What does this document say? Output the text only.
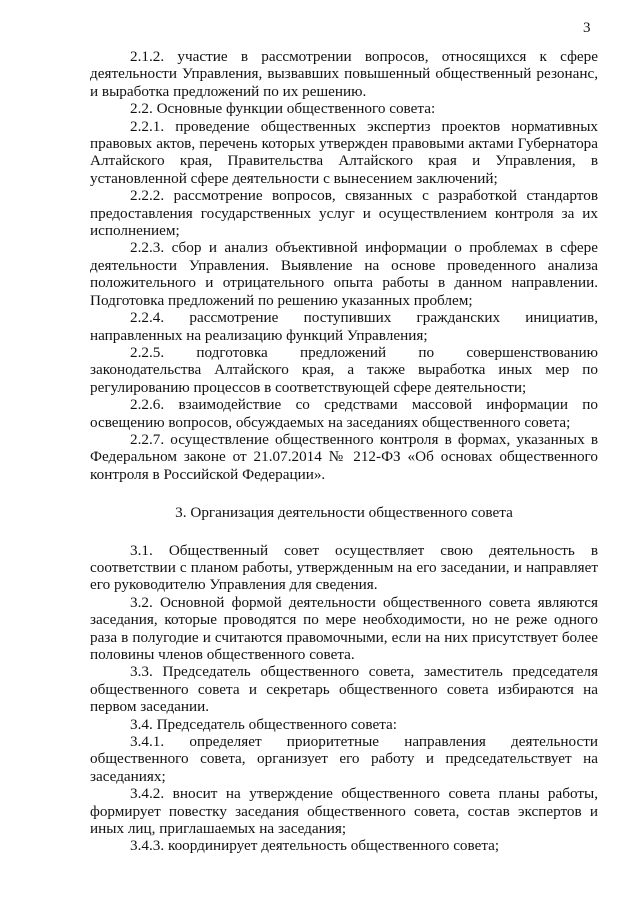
3

2.1.2. участие в рассмотрении вопросов, относящихся к сфере деятельности Управления, вызвавших повышенный общественный резонанс, и выработка предложений по их решению.

2.2. Основные функции общественного совета:

2.2.1. проведение общественных экспертиз проектов нормативных правовых актов, перечень которых утвержден правовыми актами Губернатора Алтайского края, Правительства Алтайского края и Управления, в установленной сфере деятельности с вынесением заключений;

2.2.2. рассмотрение вопросов, связанных с разработкой стандартов предоставления государственных услуг и осуществлением контроля за их исполнением;

2.2.3. сбор и анализ объективной информации о проблемах в сфере деятельности Управления. Выявление на основе проведенного анализа положительного и отрицательного опыта работы в данном направлении. Подготовка предложений по решению указанных проблем;

2.2.4. рассмотрение поступивших гражданских инициатив, направленных на реализацию функций Управления;

2.2.5. подготовка предложений по совершенствованию законодательства Алтайского края, а также выработка иных мер по регулированию процессов в соответствующей сфере деятельности;

2.2.6. взаимодействие со средствами массовой информации по освещению вопросов, обсуждаемых на заседаниях общественного совета;

2.2.7. осуществление общественного контроля в формах, указанных в Федеральном законе от 21.07.2014 № 212-ФЗ «Об основах общественного контроля в Российской Федерации».

3. Организация деятельности общественного совета

3.1. Общественный совет осуществляет свою деятельность в соответствии с планом работы, утвержденным на его заседании, и направляет его руководителю Управления для сведения.

3.2. Основной формой деятельности общественного совета являются заседания, которые проводятся по мере необходимости, но не реже одного раза в полугодие и считаются правомочными, если на них присутствует более половины членов общественного совета.

3.3. Председатель общественного совета, заместитель председателя общественного совета и секретарь общественного совета избираются на первом заседании.

3.4. Председатель общественного совета:

3.4.1. определяет приоритетные направления деятельности общественного совета, организует его работу и председательствует на заседаниях;

3.4.2. вносит на утверждение общественного совета планы работы, формирует повестку заседания общественного совета, состав экспертов и иных лиц, приглашаемых на заседания;

3.4.3. координирует деятельность общественного совета;
